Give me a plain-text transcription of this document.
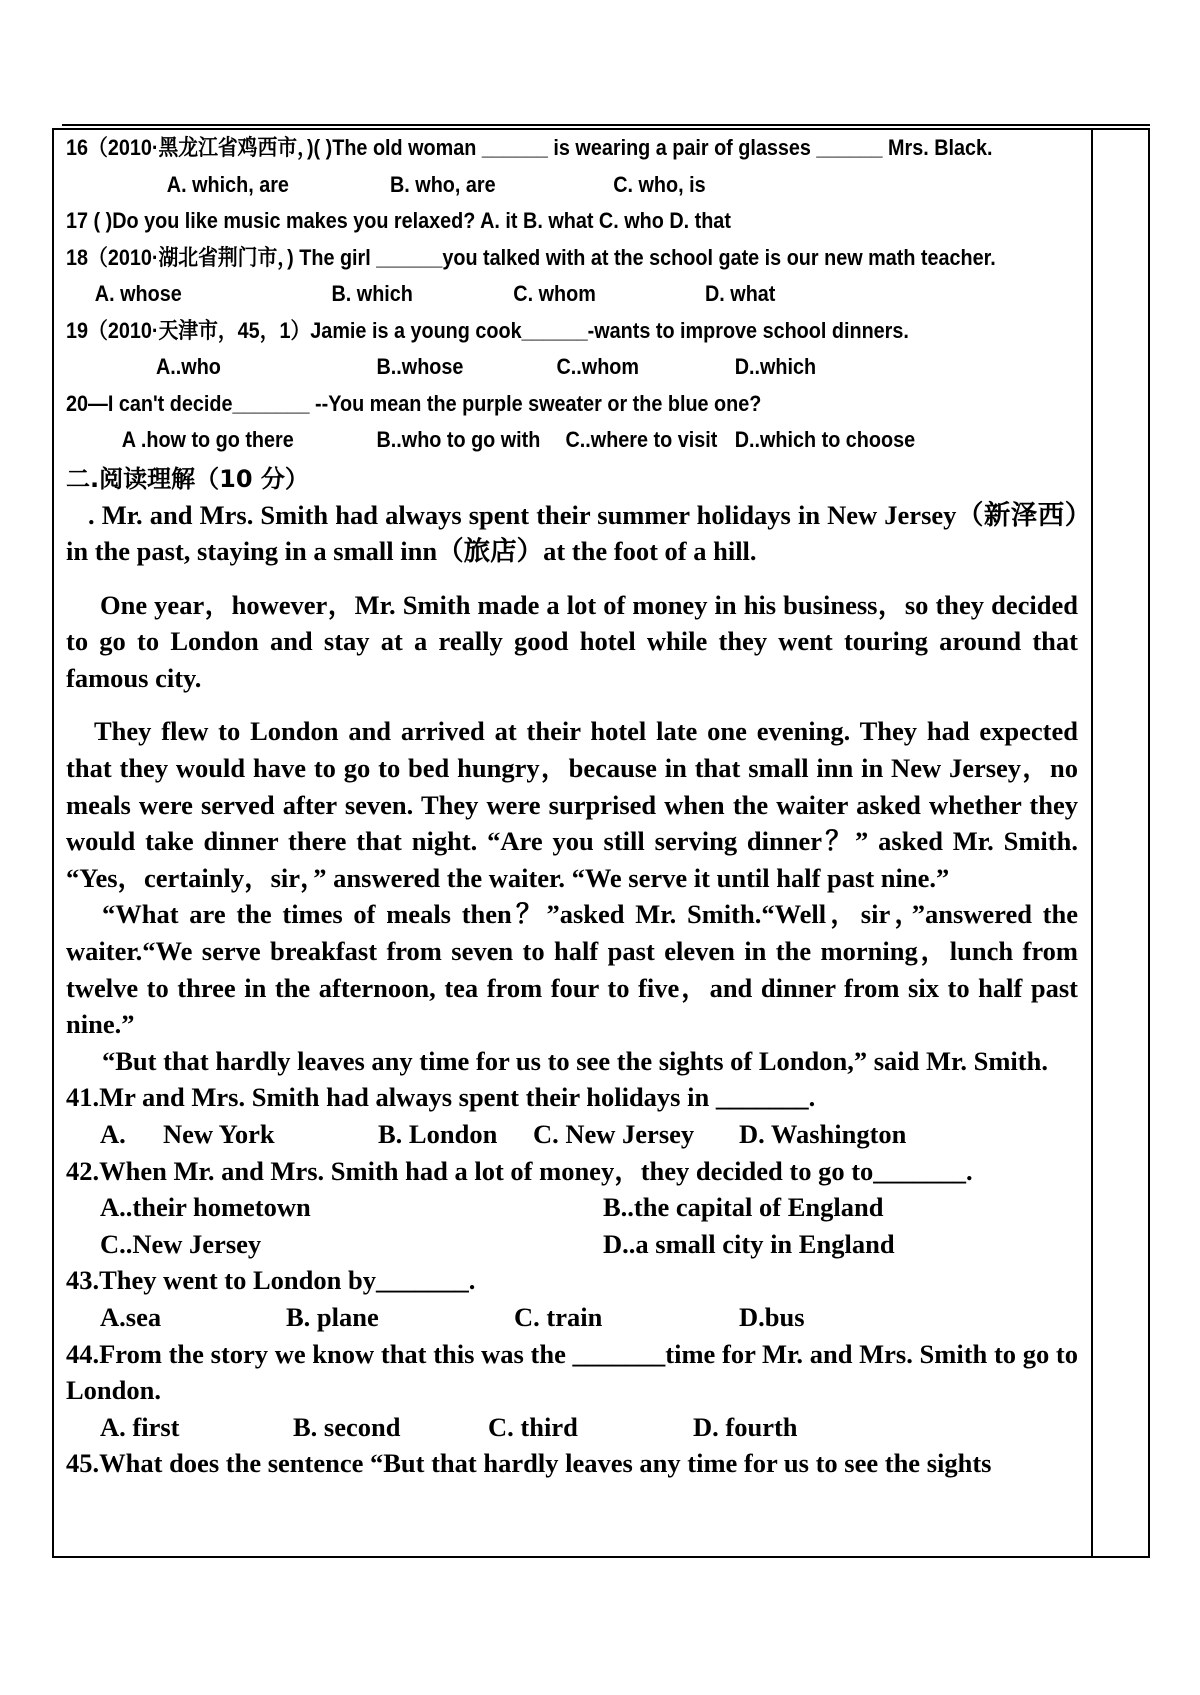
16（2010·黑龙江省鸡西市，)( )The old woman ______ is wearing a pair of glasses ______ Mrs. Black.
A. which, are	B. who, are	C. who, is
17 ( )Do you like music makes you relaxed? A. it B. what C. who D. that
18（2010·湖北省荆门市，) The girl ______you talked with at the school gate is our new math teacher.
A. whose	B. which	C. whom	D. what
19（2010·天津市，45，1）Jamie is a young cook______-wants to improve school dinners.
A..who	B..whose	C..whom	D..which
20—I can't decide_______ --You mean the purple sweater or the blue one?
A .how to go there	B..who to go with C..where to visit D..which to choose
二.阅读理解（10 分）

. Mr. and Mrs. Smith had always spent their summer holidays in New Jersey（新泽西）in the past, staying in a small inn（旅店）at the foot of a hill.

One year，however，Mr. Smith made a lot of money in his business，so they decided to go to London and stay at a really good hotel while they went touring around that famous city.

They flew to London and arrived at their hotel late one evening. They had expected that they would have to go to bed hungry，because in that small inn in New Jersey，no meals were served after seven. They were surprised when the waiter asked whether they would take dinner there that night. “Are you still serving dinner？” asked Mr. Smith. “Yes，certainly，sir，” answered the waiter. “We serve it until half past nine.”

“What are the times of meals then？”asked Mr. Smith.“Well，sir，”answered the waiter.“We serve breakfast from seven to half past eleven in the morning，lunch from twelve to three in the afternoon, tea from four to five，and dinner from six to half past nine.”

“But that hardly leaves any time for us to see the sights of London,” said Mr. Smith.

41.Mr and Mrs. Smith had always spent their holidays in _______.
A. New York	B. London C. New Jersey D. Washington
42.When Mr. and Mrs. Smith had a lot of money，they decided to go to_______.
A..their hometown	B..the capital of England
C..New Jersey	D..a small city in England
43.They went to London by_______.
A.sea	B. plane	C. train	D.bus
44.From the story we know that this was the _______time for Mr. and Mrs. Smith to go to London.
A. first	B. second	C. third	D. fourth
45.What does the sentence “But that hardly leaves any time for us to see the sights
